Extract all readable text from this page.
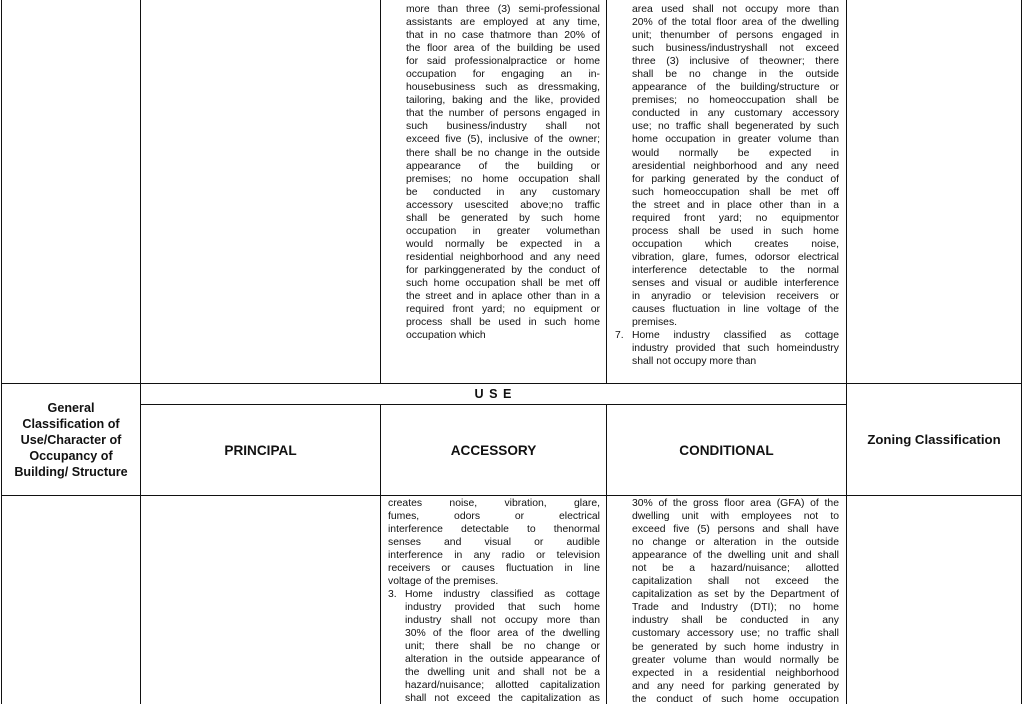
more than three (3) semi-professional
assistants are employed at any time,
that in no case thatmore than 20% of
the floor area of the building be used
for said professionalpractice or home
occupation for engaging an in-
housebusiness such as dressmaking,
tailoring, baking and the like, provided
that the number of persons engaged in
such business/industry shall not
exceed five (5), inclusive of the owner;
there shall be no change in the outside
appearance of the building or
premises; no home occupation shall
be conducted in any customary
accessory usescited above;no traffic
shall be generated by such home
occupation in greater volumethan
would normally be expected in a
residential neighborhood and any need
for parkinggenerated by the conduct of
such home occupation shall be met off
the street and in aplace other than in a
required front yard; no equipment or
process shall be used in such home
occupation which
area used shall not occupy more than
20% of the total floor area of the dwelling
unit; thenumber of persons engaged in
such business/industryshall not exceed
three (3) inclusive of theowner; there
shall be no change in the outside
appearance of the building/structure or
premises; no homeoccupation shall be
conducted in any customary accessory
use; no traffic shall begenerated by such
home occupation in greater volume than
would normally be expected in
aresidential neighborhood and any need
for parking generated by the conduct of
such homeoccupation shall be met off
the street and in place other than in a
required front yard; no equipmentor
process shall be used in such home
occupation which creates noise,
vibration, glare, fumes, odorsor electrical
interference detectable to the normal
senses and visual or audible interference
in anyradio or television receivers or
causes fluctuation in line voltage of the
premises.
7. Home industry classified as cottage
industry provided that such homeindustry
shall not occupy more than
General Classification of Use/Character of Occupancy of Building/ Structure
U S E
PRINCIPAL	ACCESSORY	CONDITIONAL
Zoning Classification
creates noise, vibration, glare,
fumes, odors or electrical
interference detectable to thenormal
senses and visual or audible
interference in any radio or television
receivers or causes fluctuation in line
voltage of the premises.
3. Home industry classified as cottage
industry provided that such home
industry shall not occupy more than
30% of the floor area of the dwelling
unit; there shall be no change or
alteration in the outside appearance of
the dwelling unit and shall not be a
hazard/nuisance; allotted capitalization
shall not exceed the capitalization as
30% of the gross floor area (GFA) of the
dwelling unit with employees not to
exceed five (5) persons and shall have
no change or alteration in the outside
appearance of the dwelling unit and shall
not be a hazard/nuisance; allotted
capitalization shall not exceed the
capitalization as set by the Department of
Trade and Industry (DTI); no home
industry shall be conducted in any
customary accessory use; no traffic shall
be generated by such home industry in
greater volume than would normally be
expected in a residential neighborhood
and any need for parking generated by
the conduct of such home occupation
